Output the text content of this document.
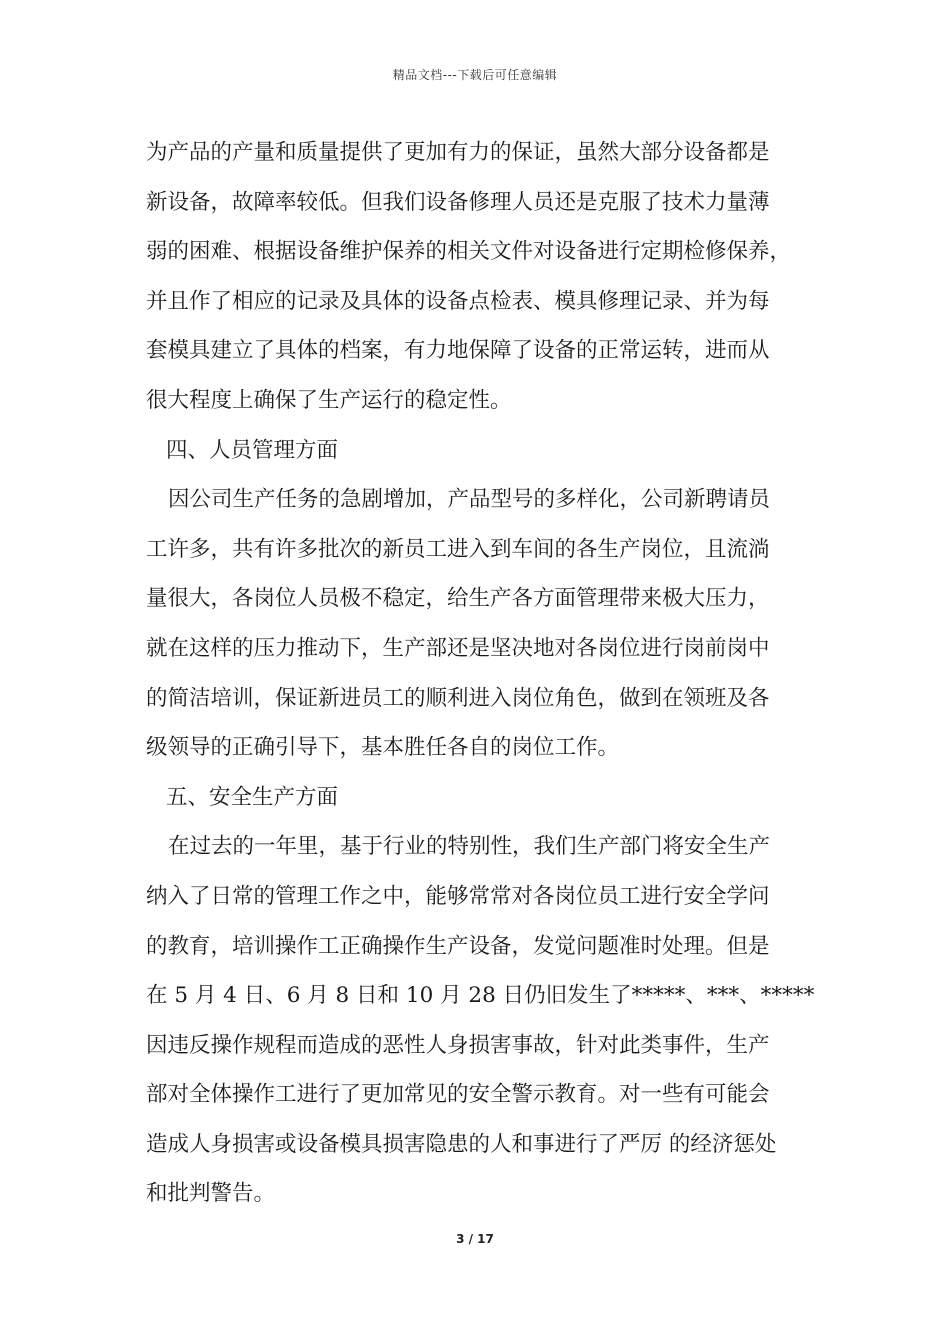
精品文档---下载后可任意编辑
为产品的产量和质量提供了更加有力的保证，虽然大部分设备都是
新设备，故障率较低。但我们设备修理人员还是克服了技术力量薄
弱的困难、根据设备维护保养的相关文件对设备进行定期检修保养，
并且作了相应的记录及具体的设备点检表、模具修理记录、并为每
套模具建立了具体的档案，有力地保障了设备的正常运转，进而从
很大程度上确保了生产运行的稳定性。
四、人员管理方面
因公司生产任务的急剧增加，产品型号的多样化，公司新聘请员
工许多，共有许多批次的新员工进入到车间的各生产岗位，且流淌
量很大，各岗位人员极不稳定，给生产各方面管理带来极大压力，
就在这样的压力推动下，生产部还是坚决地对各岗位进行岗前岗中
的简洁培训，保证新进员工的顺利进入岗位角色，做到在领班及各
级领导的正确引导下，基本胜任各自的岗位工作。
五、安全生产方面
在过去的一年里，基于行业的特别性，我们生产部门将安全生产
纳入了日常的管理工作之中，能够常常对各岗位员工进行安全学问
的教育，培训操作工正确操作生产设备，发觉问题准时处理。但是
在 5 月 4 日、6 月 8 日和 10 月 28 日仍旧发生了*****、***、*****
因违反操作规程而造成的恶性人身损害事故，针对此类事件，生产
部对全体操作工进行了更加常见的安全警示教育。对一些有可能会
造成人身损害或设备模具损害隐患的人和事进行了严厉 的经济惩处
和批判警告。
3 / 17
